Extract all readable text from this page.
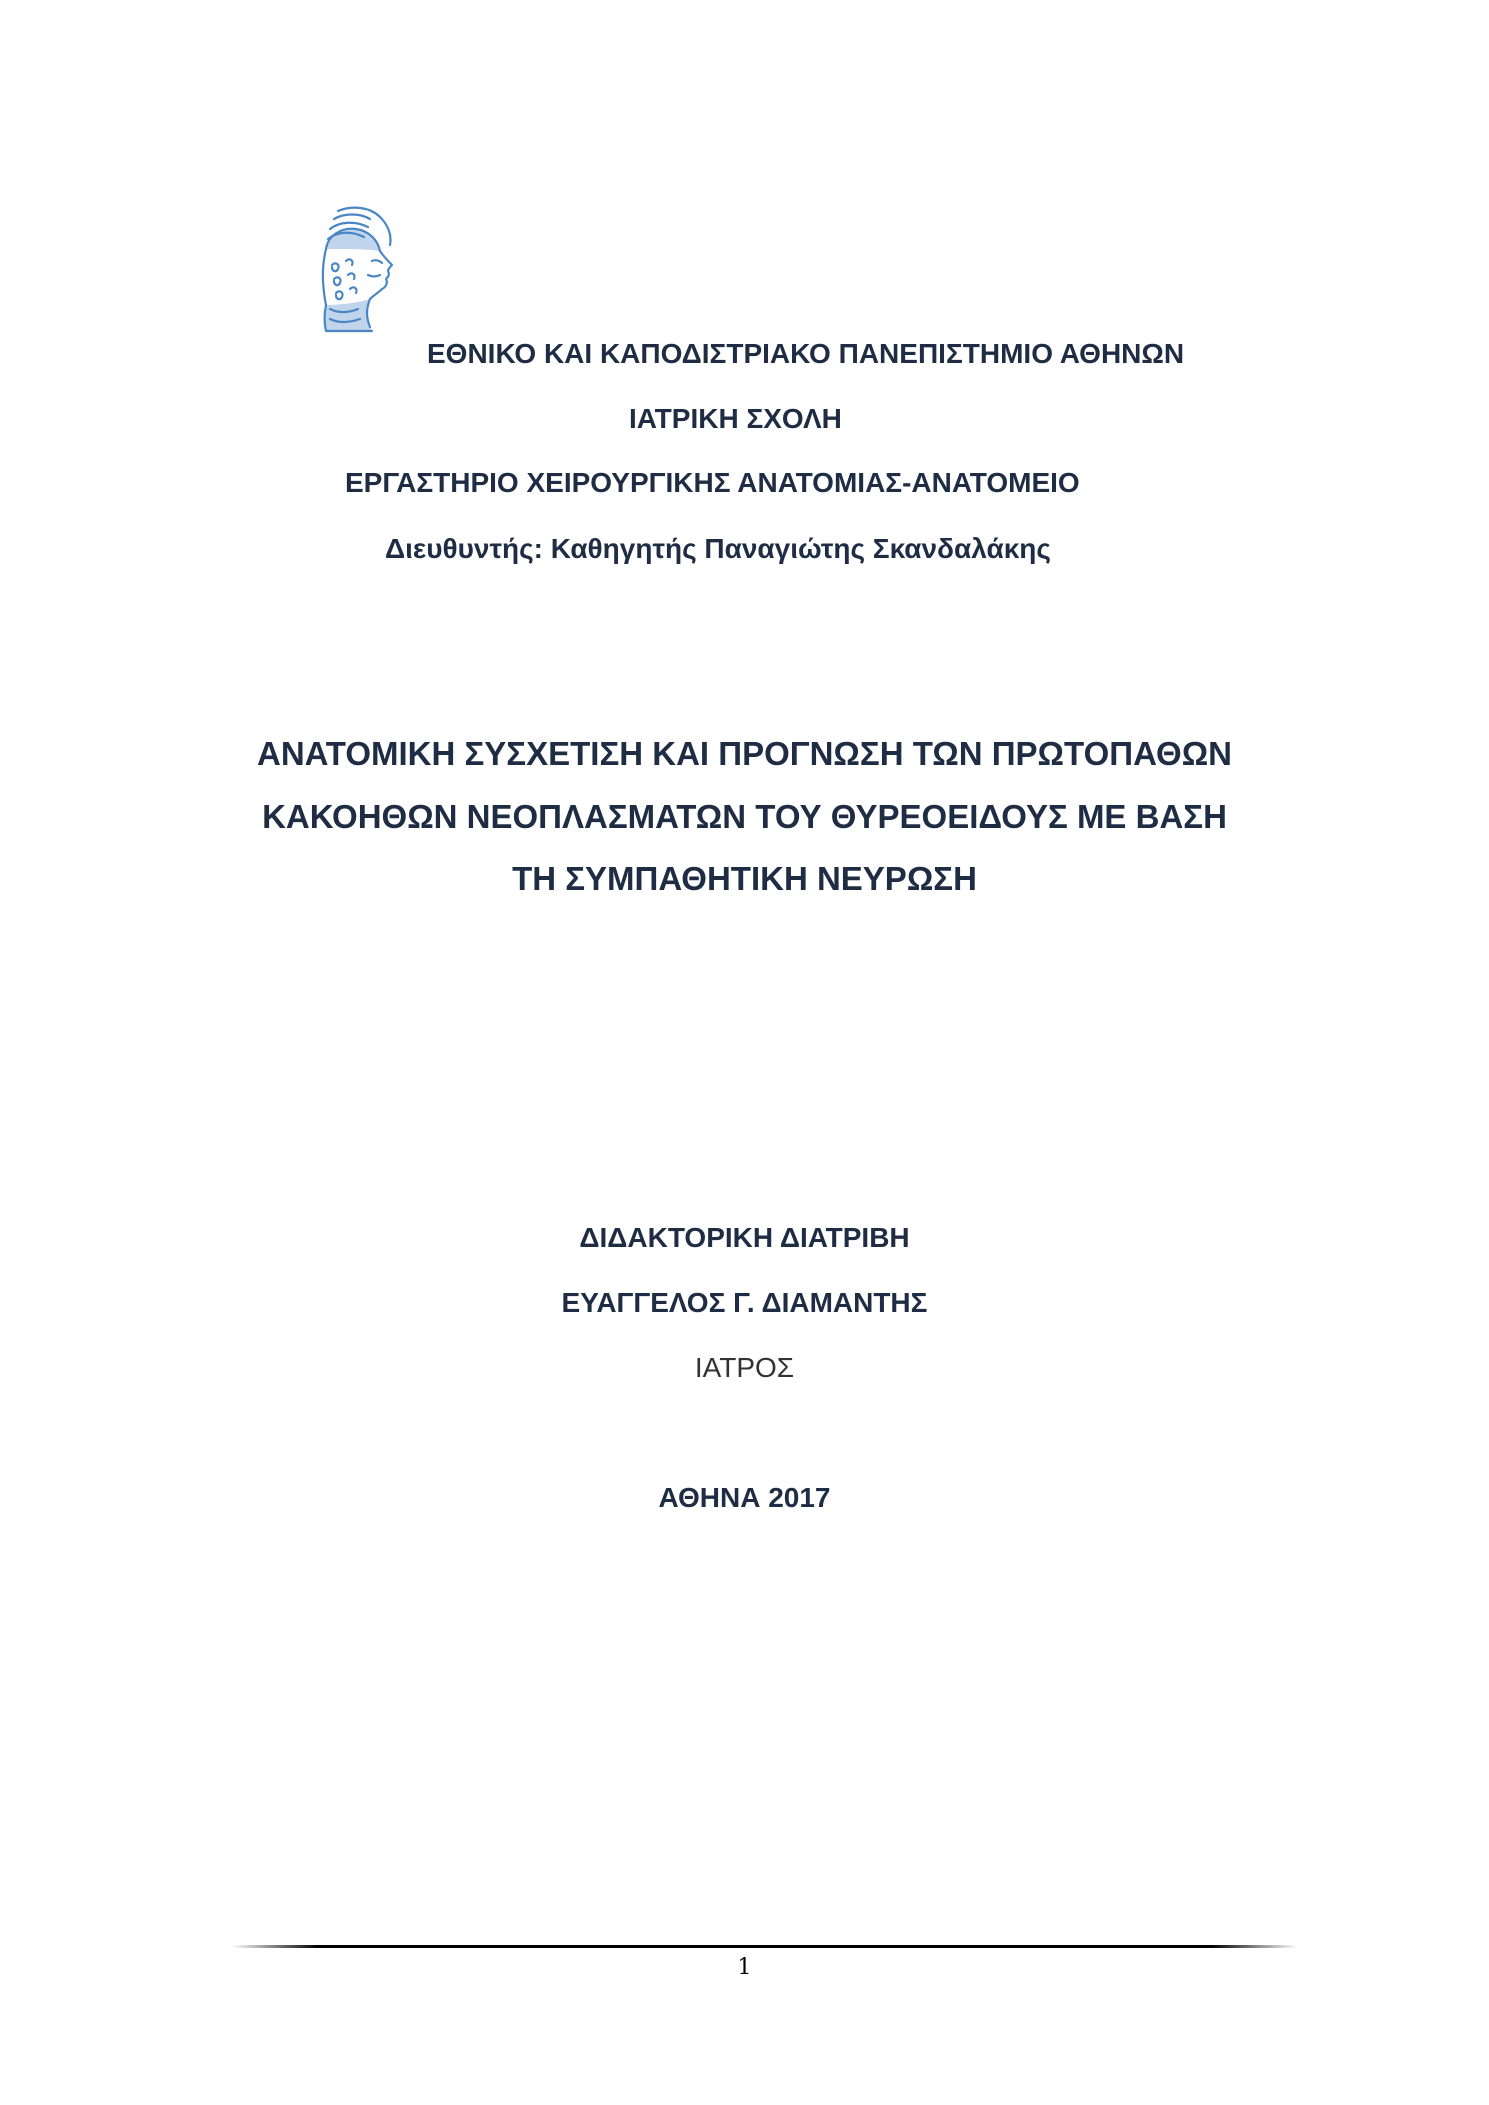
ΕΘΝΙΚΟ ΚΑΙ ΚΑΠΟΔΙΣΤΡΙΑΚΟ ΠΑΝΕΠΙΣΤΗΜΙΟ ΑΘΗΝΩΝ
ΙΑΤΡΙΚΗ ΣΧΟΛΗ
ΕΡΓΑΣΤΗΡΙΟ ΧΕΙΡΟΥΡΓΙΚΗΣ ΑΝΑΤΟΜΙΑΣ-ΑΝΑΤΟΜΕΙΟ
Διευθυντής: Καθηγητής Παναγιώτης Σκανδαλάκης
ΑΝΑΤΟΜΙΚΗ ΣΥΣΧΕΤΙΣΗ ΚΑΙ ΠΡΟΓΝΩΣΗ ΤΩΝ ΠΡΩΤΟΠΑΘΩΝ
ΚΑΚΟΗΘΩΝ ΝΕΟΠΛΑΣΜΑΤΩΝ ΤΟΥ ΘΥΡΕΟΕΙΔΟΥΣ ΜΕ ΒΑΣΗ
ΤΗ ΣΥΜΠΑΘΗΤΙΚΗ ΝΕΥΡΩΣΗ
ΔΙΔΑΚΤΟΡΙΚΗ ΔΙΑΤΡΙΒΗ
ΕΥΑΓΓΕΛΟΣ Γ. ΔΙΑΜΑΝΤΗΣ
ΙΑΤΡΟΣ
ΑΘΗΝΑ 2017
1
